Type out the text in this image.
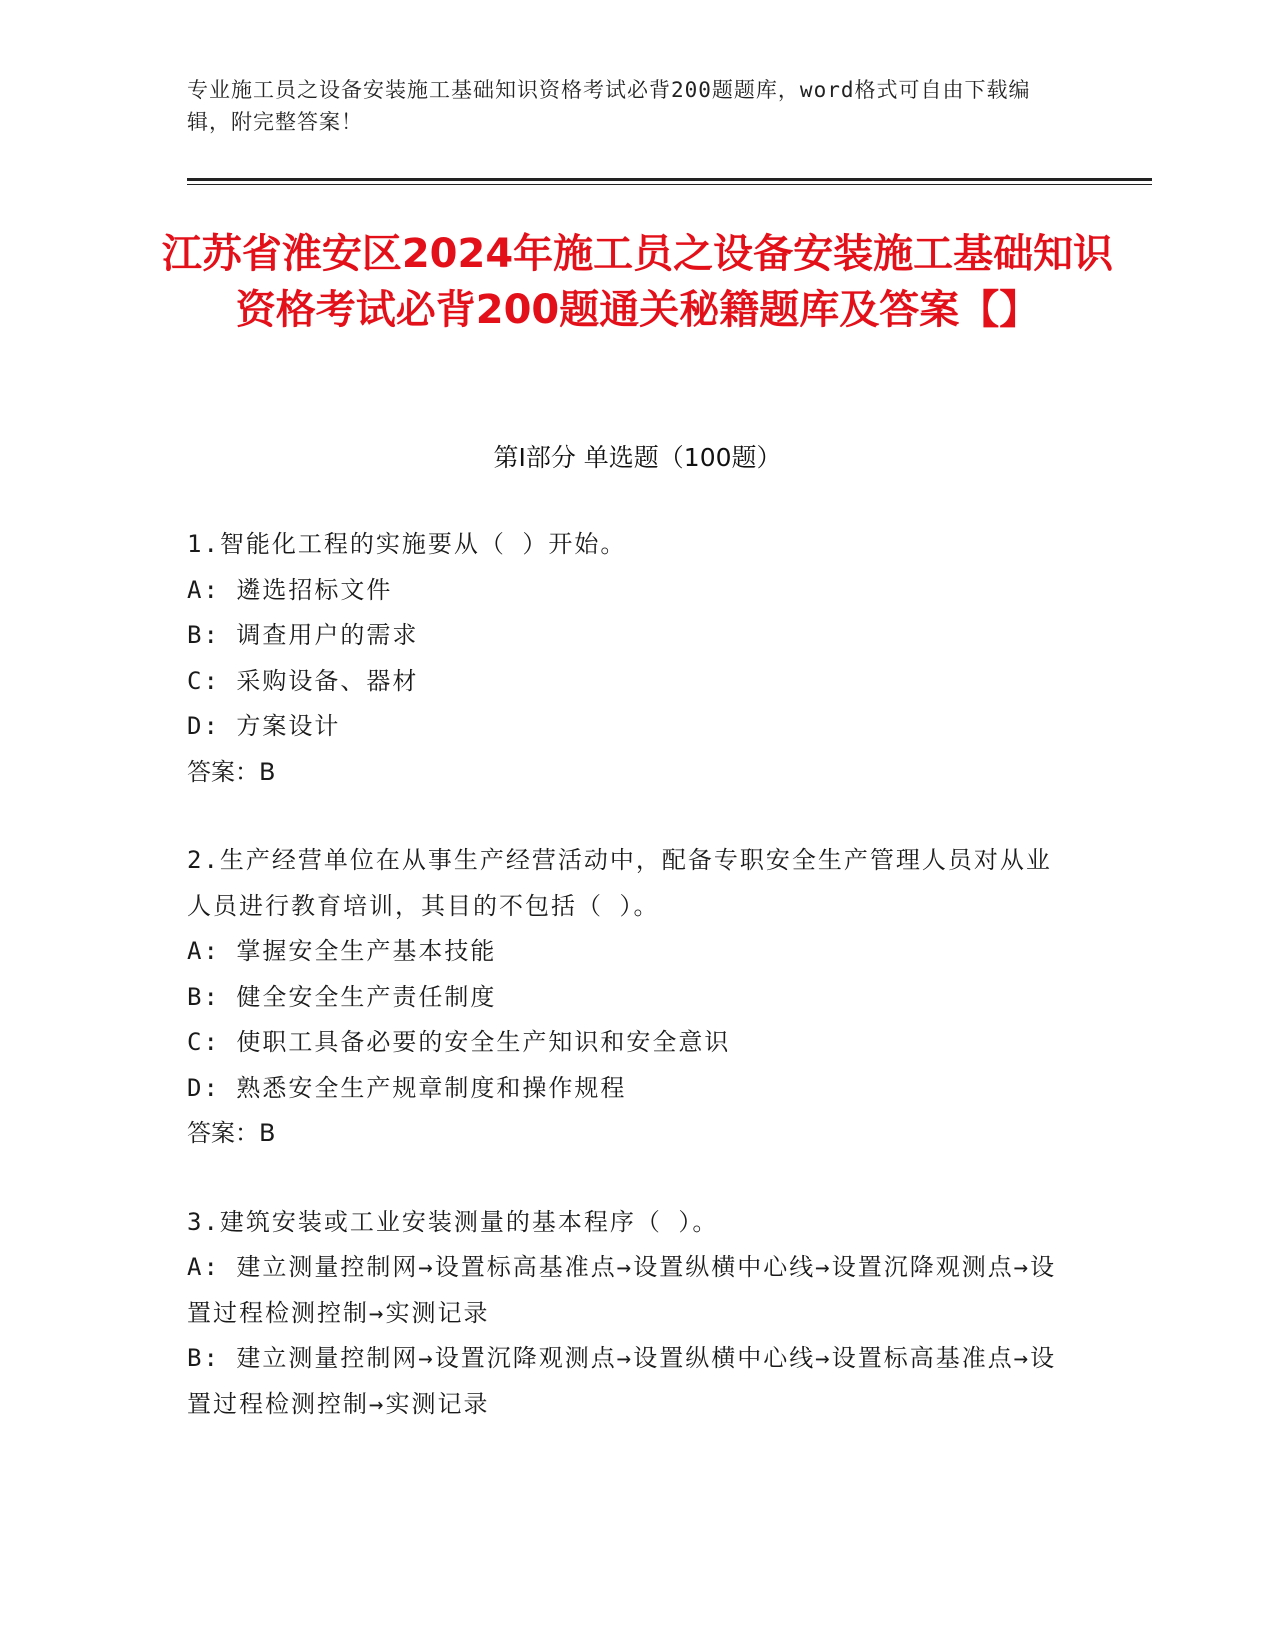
专业施工员之设备安装施工基础知识资格考试必背200题题库，word格式可自由下载编辑，附完整答案！
江苏省淮安区2024年施工员之设备安装施工基础知识资格考试必背200题通关秘籍题库及答案【】
第Ⅰ部分 单选题（100题）

1.智能化工程的实施要从（ ）开始。

A: 遴选招标文件

B: 调查用户的需求

C: 采购设备、器材

D: 方案设计

答案：B

2.生产经营单位在从事生产经营活动中，配备专职安全生产管理人员对从业人员进行教育培训，其目的不包括（ ）。

A: 掌握安全生产基本技能

B: 健全安全生产责任制度

C: 使职工具备必要的安全生产知识和安全意识

D: 熟悉安全生产规章制度和操作规程

答案：B

3.建筑安装或工业安装测量的基本程序（ ）。

A: 建立测量控制网→设置标高基准点→设置纵横中心线→设置沉降观测点→设置过程检测控制→实测记录

B: 建立测量控制网→设置沉降观测点→设置纵横中心线→设置标高基准点→设置过程检测控制→实测记录
